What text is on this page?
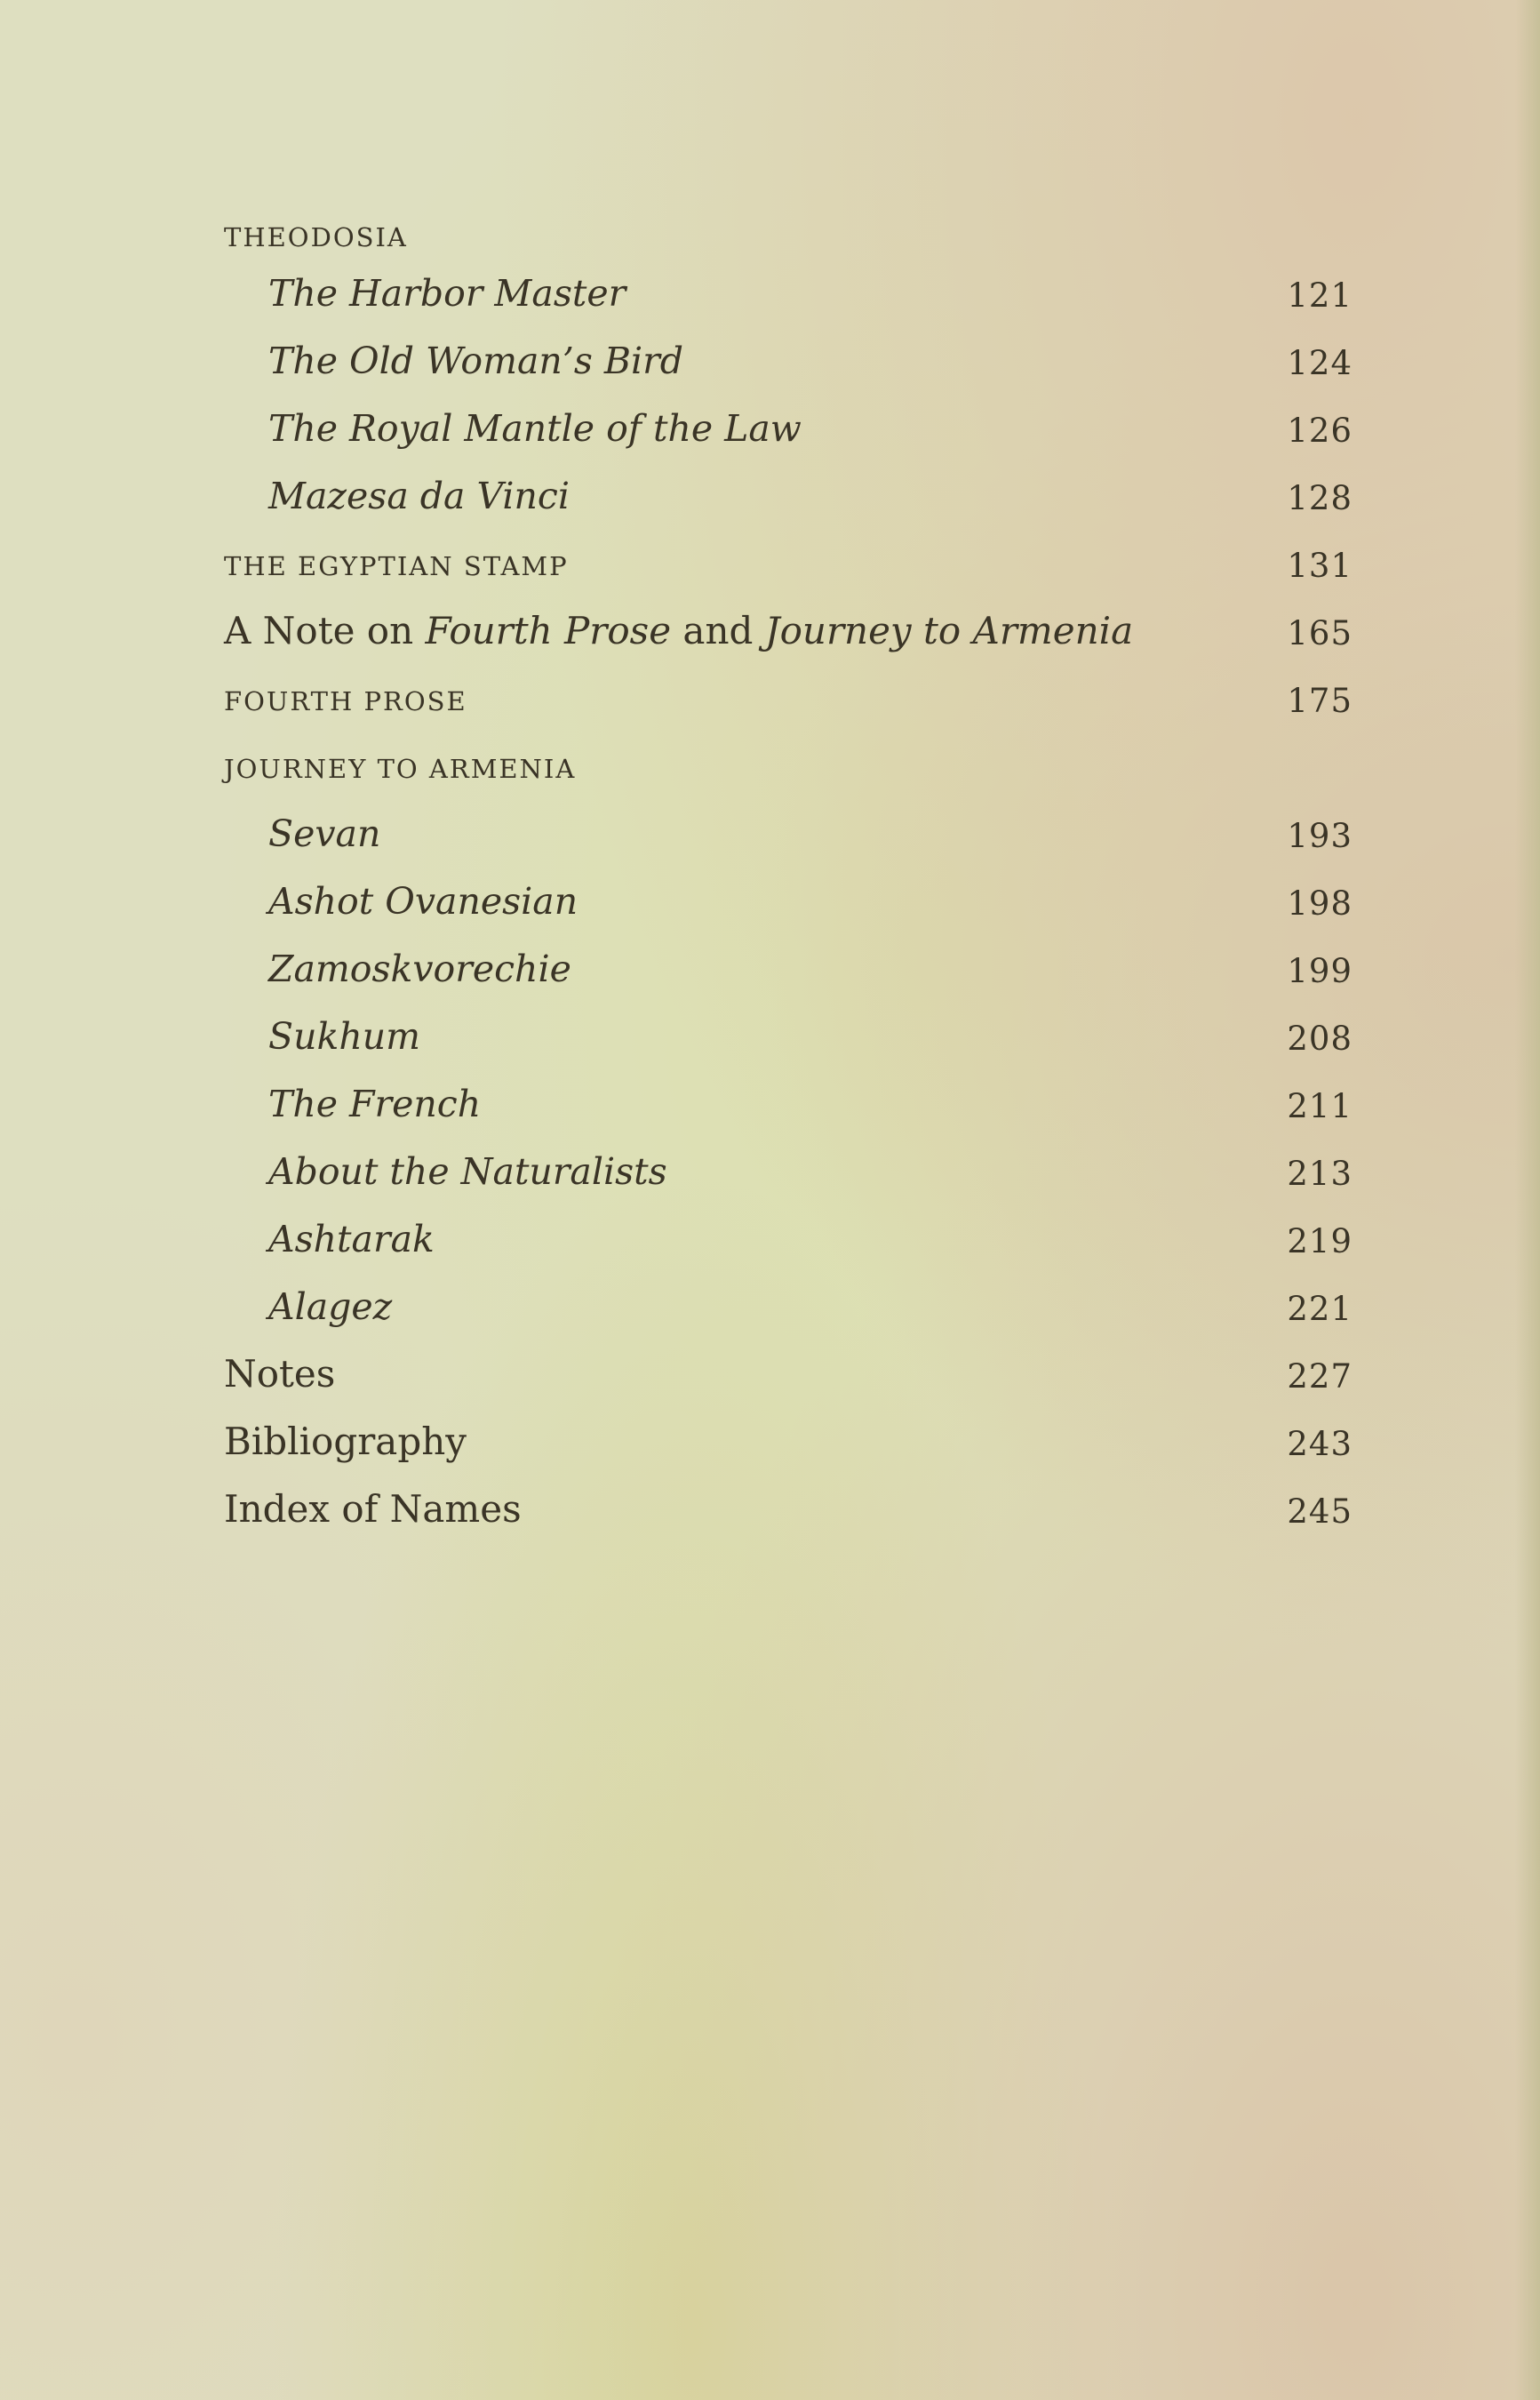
THEODOSIA
The Harbor Master	121
The Old Woman’s Bird	124
The Royal Mantle of the Law	126
Mazesa da Vinci	128
THE EGYPTIAN STAMP	131
A Note on Fourth Prose and Journey to Armenia	165
FOURTH PROSE	175
JOURNEY TO ARMENIA
Sevan	193
Ashot Ovanesian	198
Zamoskvorechie	199
Sukhum	208
The French	211
About the Naturalists	213
Ashtarak	219
Alagez	221
Notes	227
Bibliography	243
Index of Names	245
